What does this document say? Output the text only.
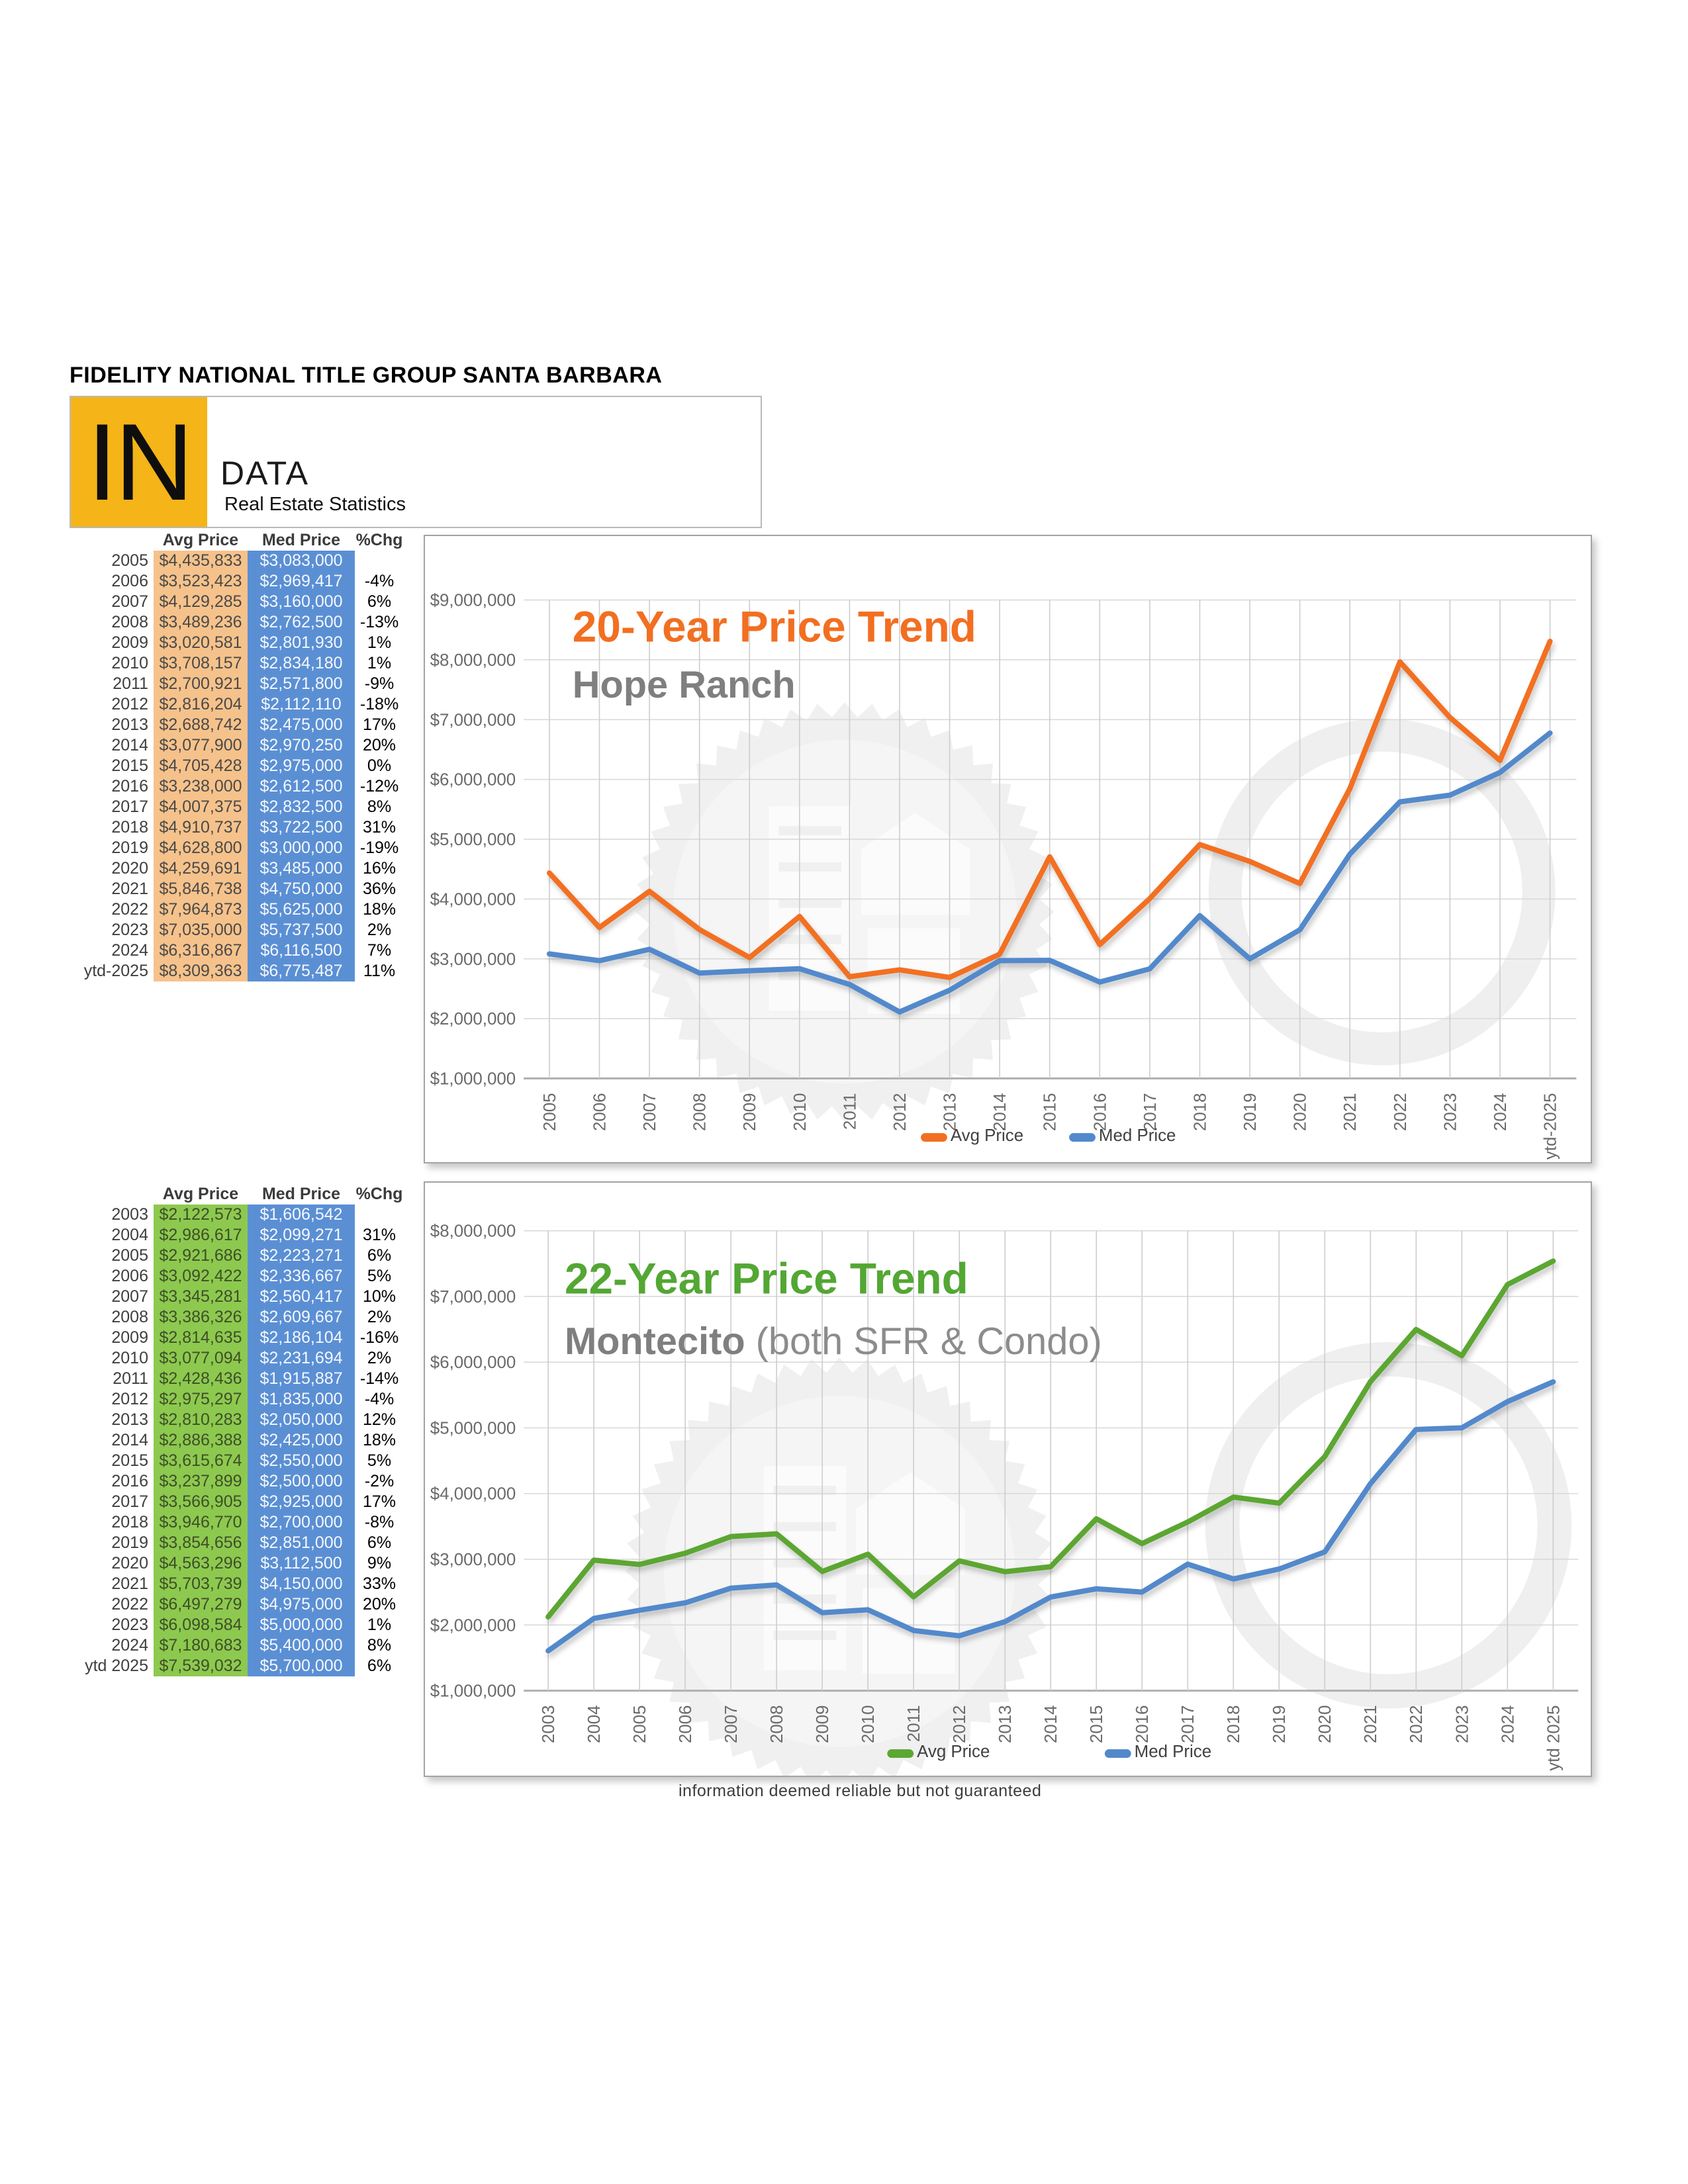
FIDELITY NATIONAL TITLE GROUP SANTA BARBARA
IN DATA
Real Estate Statistics
Avg Price	Med Price %Chg
2005 $4,435,833	$3,083,000
2006 $3,523,423	$2,969,417	-4%
2007 $4,129,285	$3,160,000	6%
2008 $3,489,236	$2,762,500	-13%
2009 $3,020,581	$2,801,930	1%
2010 $3,708,157	$2,834,180	1%
2011 $2,700,921	$2,571,800	-9%
2012 $2,816,204	$2,112,110	-18%
2013 $2,688,742	$2,475,000	17%
2014 $3,077,900	$2,970,250	20%
2015 $4,705,428	$2,975,000	0%
2016 $3,238,000	$2,612,500	-12%
2017 $4,007,375	$2,832,500	8%
2018 $4,910,737	$3,722,500	31%
2019 $4,628,800	$3,000,000	-19%
2020 $4,259,691	$3,485,000	16%
2021 $5,846,738	$4,750,000	36%
2022 $7,964,873	$5,625,000	18%
2023 $7,035,000	$5,737,500	2%
2024 $6,316,867	$6,116,500	7%
ytd-2025 $8,309,363	$6,775,487	11%
Avg Price	Med Price %Chg
2003 $2,122,573	$1,606,542
2004 $2,986,617	$2,099,271	31%
2005 $2,921,686	$2,223,271	6%
2006 $3,092,422	$2,336,667	5%
2007 $3,345,281	$2,560,417	10%
2008 $3,386,326	$2,609,667	2%
2009 $2,814,635	$2,186,104	-16%
2010 $3,077,094	$2,231,694	2%
2011 $2,428,436	$1,915,887	-14%
2012 $2,975,297	$1,835,000	-4%
2013 $2,810,283	$2,050,000	12%
2014 $2,886,388	$2,425,000	18%
2015 $3,615,674	$2,550,000	5%
2016 $3,237,899	$2,500,000	-2%
2017 $3,566,905	$2,925,000	17%
2018 $3,946,770	$2,700,000	-8%
2019 $3,854,656	$2,851,000	6%
2020 $4,563,296	$3,112,500	9%
2021 $5,703,739	$4,150,000	33%
2022 $6,497,279	$4,975,000	20%
2023 $6,098,584	$5,000,000	1%
2024 $7,180,683	$5,400,000	8%
ytd 2025 $7,539,032	$5,700,000	6%
$1,000,000
$2,000,000
$3,000,000
$4,000,000
$5,000,000
$6,000,000
$7,000,000
$8,000,000
$9,000,000
2005 2006 2007 2008 2009 2010 2011 2012 2013 2014 2015 2016 2017 2018 2019 2020 2021 2022 2023 2024 ytd-2025
20-Year Price Trend
Hope Ranch
Avg Price	Med Price
$1,000,000
$2,000,000
$3,000,000
$4,000,000
$5,000,000
$6,000,000
$7,000,000
$8,000,000
2003 2004 2005 2006 2007 2008 2009 2010 2011 2012 2013 2014 2015 2016 2017 2018 2019 2020 2021 2022 2023 2024 ytd 2025
22-Year Price Trend
Montecito (both SFR & Condo)
Avg Price	Med Price
information deemed reliable but not guaranteed
